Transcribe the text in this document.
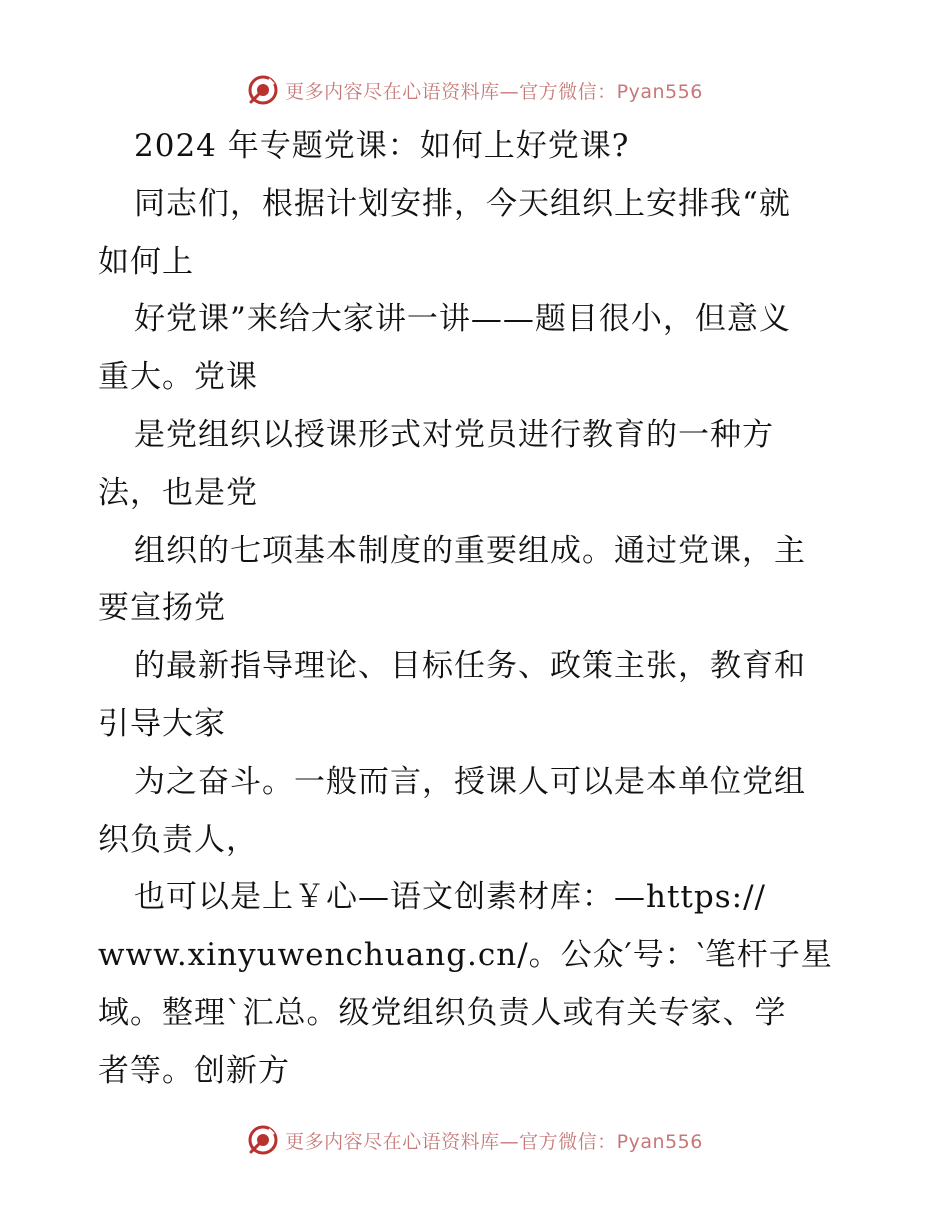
更多内容尽在心语资料库—官方微信：Pyan556
2024 年专题党课：如何上好党课?
同志们，根据计划安排，今天组织上安排我“就
如何上
好党课”来给大家讲一讲——题目很小，但意义
重大。党课
是党组织以授课形式对党员进行教育的一种方
法，也是党
组织的七项基本制度的重要组成。通过党课，主
要宣扬党
的最新指导理论、目标任务、政策主张，教育和
引导大家
为之奋斗。一般而言，授课人可以是本单位党组
织负责人，
也可以是上￥心—语文创素材库：—https://
www.xinyuwenchuang.cn/。公众′号：‵笔杆子星
域。整理`汇总。级党组织负责人或有关专家、学
者等。创新方
更多内容尽在心语资料库—官方微信：Pyan556
